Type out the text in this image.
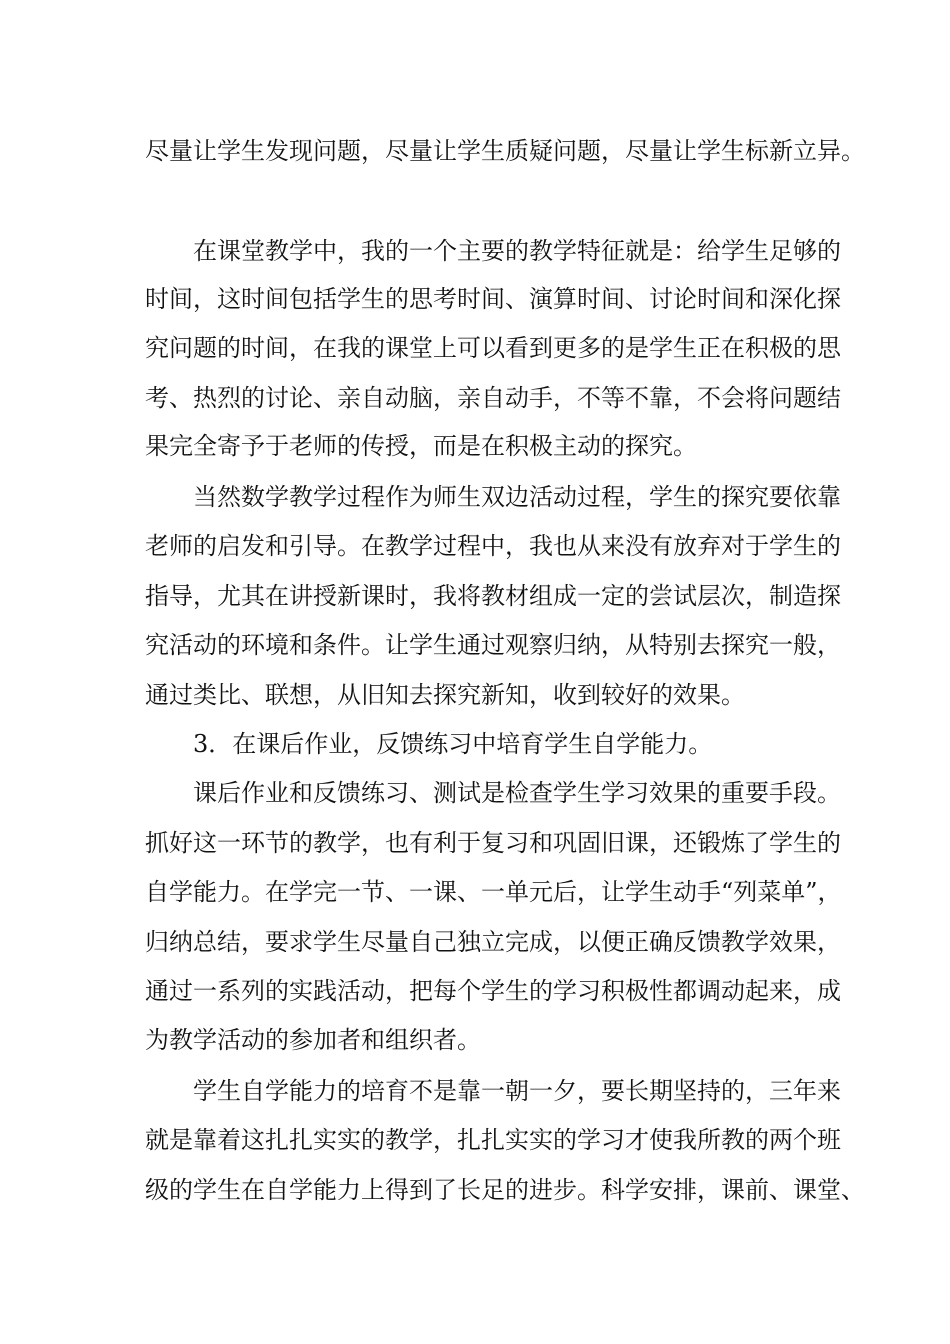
尽量让学生发现问题，尽量让学生质疑问题，尽量让学生标新立异。

在课堂教学中，我的一个主要的教学特征就是：给学生足够的

时间，这时间包括学生的思考时间、演算时间、讨论时间和深化探

究问题的时间，在我的课堂上可以看到更多的是学生正在积极的思

考、热烈的讨论、亲自动脑，亲自动手，不等不靠，不会将问题结

果完全寄予于老师的传授，而是在积极主动的探究。

当然数学教学过程作为师生双边活动过程，学生的探究要依靠

老师的启发和引导。在教学过程中，我也从来没有放弃对于学生的

指导，尤其在讲授新课时，我将教材组成一定的尝试层次，制造探

究活动的环境和条件。让学生通过观察归纳，从特别去探究一般，

通过类比、联想，从旧知去探究新知，收到较好的效果。

3．在课后作业，反馈练习中培育学生自学能力。

课后作业和反馈练习、测试是检查学生学习效果的重要手段。

抓好这一环节的教学，也有利于复习和巩固旧课，还锻炼了学生的

自学能力。在学完一节、一课、一单元后，让学生动手“列菜单”，

归纳总结，要求学生尽量自己独立完成，以便正确反馈教学效果，

通过一系列的实践活动，把每个学生的学习积极性都调动起来，成

为教学活动的参加者和组织者。

学生自学能力的培育不是靠一朝一夕，要长期坚持的，三年来

就是靠着这扎扎实实的教学，扎扎实实的学习才使我所教的两个班

级的学生在自学能力上得到了长足的进步。科学安排，课前、课堂、
